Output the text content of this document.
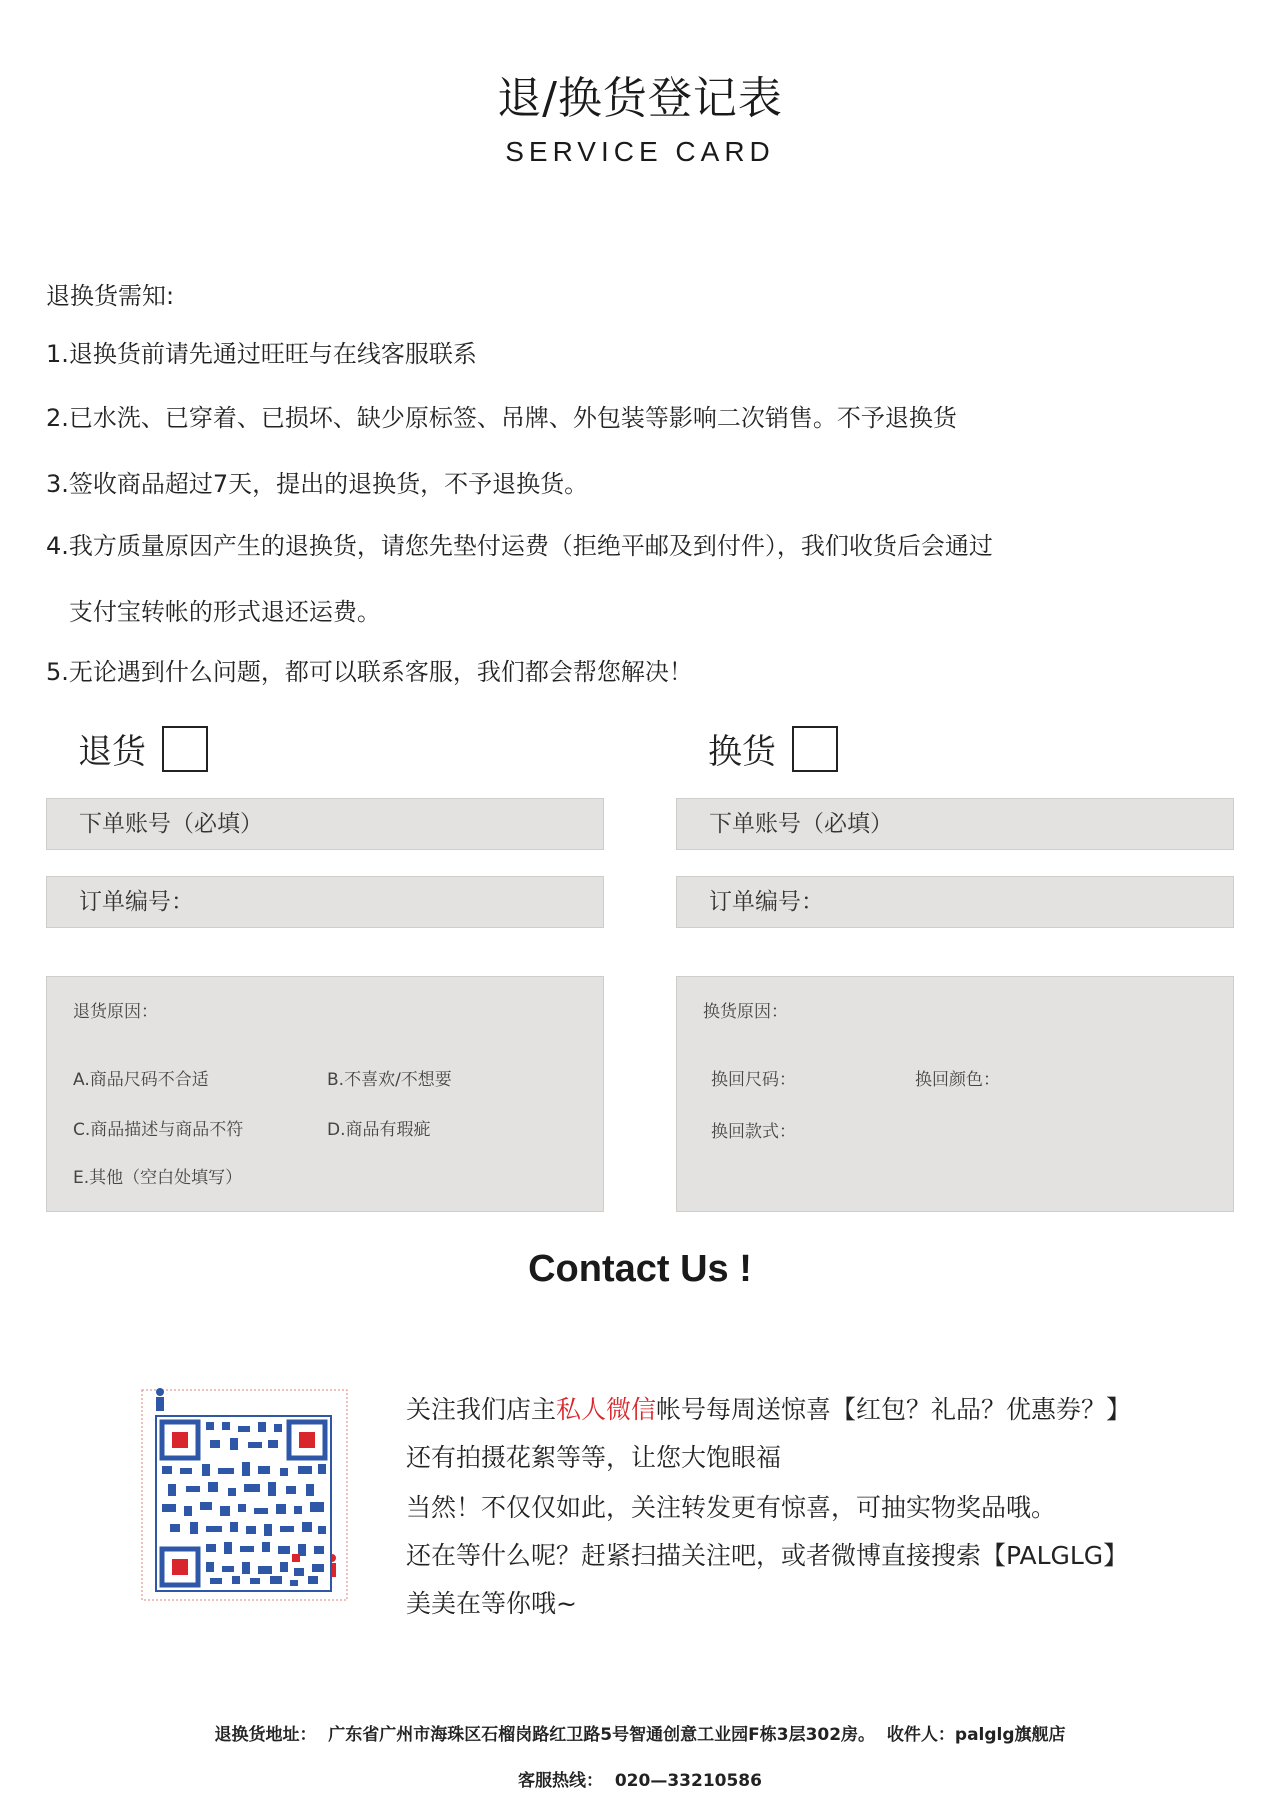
退/换货登记表
SERVICE CARD
退换货需知:
1.退换货前请先通过旺旺与在线客服联系
2.已水洗、已穿着、已损坏、缺少原标签、吊牌、外包装等影响二次销售。不予退换货
3.签收商品超过7天，提出的退换货，不予退换货。
4.我方质量原因产生的退换货，请您先垫付运费（拒绝平邮及到付件），我们收货后会通过
支付宝转帐的形式退还运费。
5.无论遇到什么问题，都可以联系客服，我们都会帮您解决！
退货
下单账号（必填）
订单编号：
退货原因：
A.商品尺码不合适	B.不喜欢/不想要
C.商品描述与商品不符	D.商品有瑕疵
E.其他（空白处填写）
换货
下单账号（必填）
订单编号：
换货原因：
换回尺码：	换回颜色：
换回款式：
Contact Us !
关注我们店主私人微信帐号每周送惊喜【红包？礼品？优惠券？】
还有拍摄花絮等等，让您大饱眼福
当然！不仅仅如此，关注转发更有惊喜，可抽实物奖品哦。
还在等什么呢？赶紧扫描关注吧，或者微博直接搜索【PALGLG】
美美在等你哦~
退换货地址：  广东省广州市海珠区石榴岗路红卫路5号智通创意工业园F栋3层302房。  收件人：palglg旗舰店
客服热线：  020—33210586
